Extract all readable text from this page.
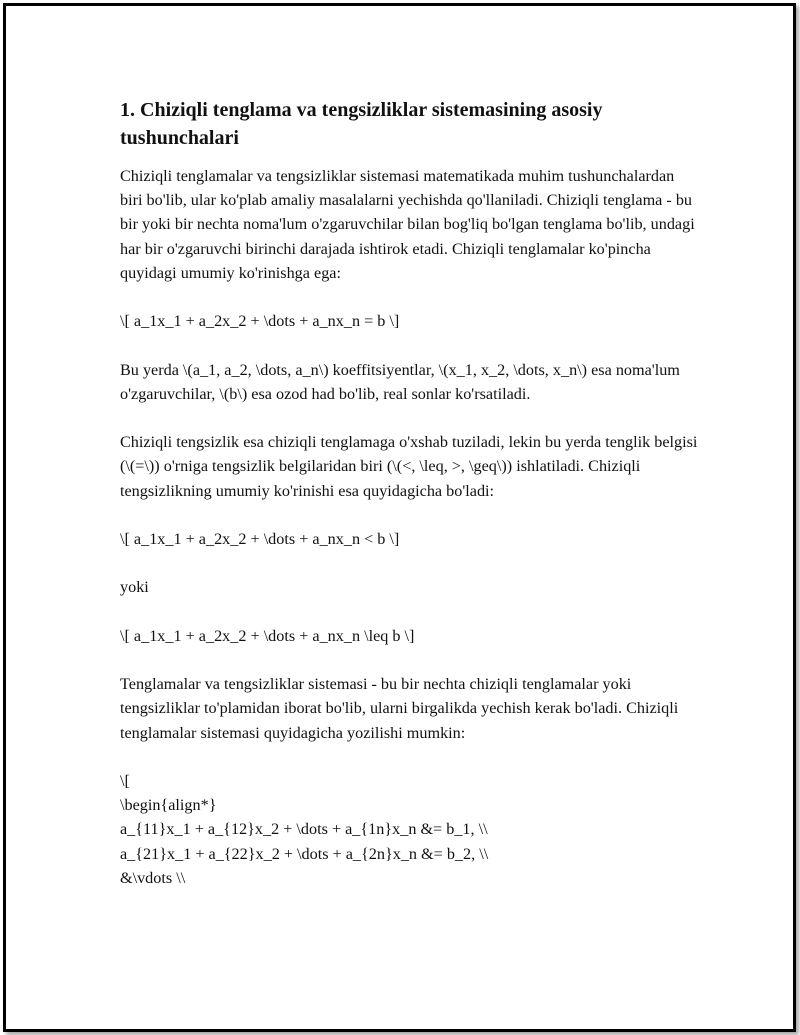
1. Chiziqli tenglama va tengsizliklar sistemasining asosiy tushunchalari

Chiziqli tenglamalar va tengsizliklar sistemasi matematikada muhim tushunchalardan biri bo'lib, ular ko'plab amaliy masalalarni yechishda qo'llaniladi. Chiziqli tenglama - bu bir yoki bir nechta noma'lum o'zgaruvchilar bilan bog'liq bo'lgan tenglama bo'lib, undagi har bir o'zgaruvchi birinchi darajada ishtirok etadi. Chiziqli tenglamalar ko'pincha quyidagi umumiy ko'rinishga ega:

\[ a_1x_1 + a_2x_2 + \dots + a_nx_n = b \]

Bu yerda \(a_1, a_2, \dots, a_n\) koeffitsiyentlar, \(x_1, x_2, \dots, x_n\) esa noma'lum o'zgaruvchilar, \(b\) esa ozod had bo'lib, real sonlar ko'rsatiladi.

Chiziqli tengsizlik esa chiziqli tenglamaga o'xshab tuziladi, lekin bu yerda tenglik belgisi (\(=\)) o'rniga tengsizlik belgilaridan biri (\(<, \leq, >, \geq\)) ishlatiladi. Chiziqli tengsizlikning umumiy ko'rinishi esa quyidagicha bo'ladi:

\[ a_1x_1 + a_2x_2 + \dots + a_nx_n < b \]

yoki

\[ a_1x_1 + a_2x_2 + \dots + a_nx_n \leq b \]

Tenglamalar va tengsizliklar sistemasi - bu bir nechta chiziqli tenglamalar yoki tengsizliklar to'plamidan iborat bo'lib, ularni birgalikda yechish kerak bo'ladi. Chiziqli tenglamalar sistemasi quyidagicha yozilishi mumkin:

\[
\begin{align*}
a_{11}x_1 + a_{12}x_2 + \dots + a_{1n}x_n &= b_1, \\
a_{21}x_1 + a_{22}x_2 + \dots + a_{2n}x_n &= b_2, \\
&\vdots \\
